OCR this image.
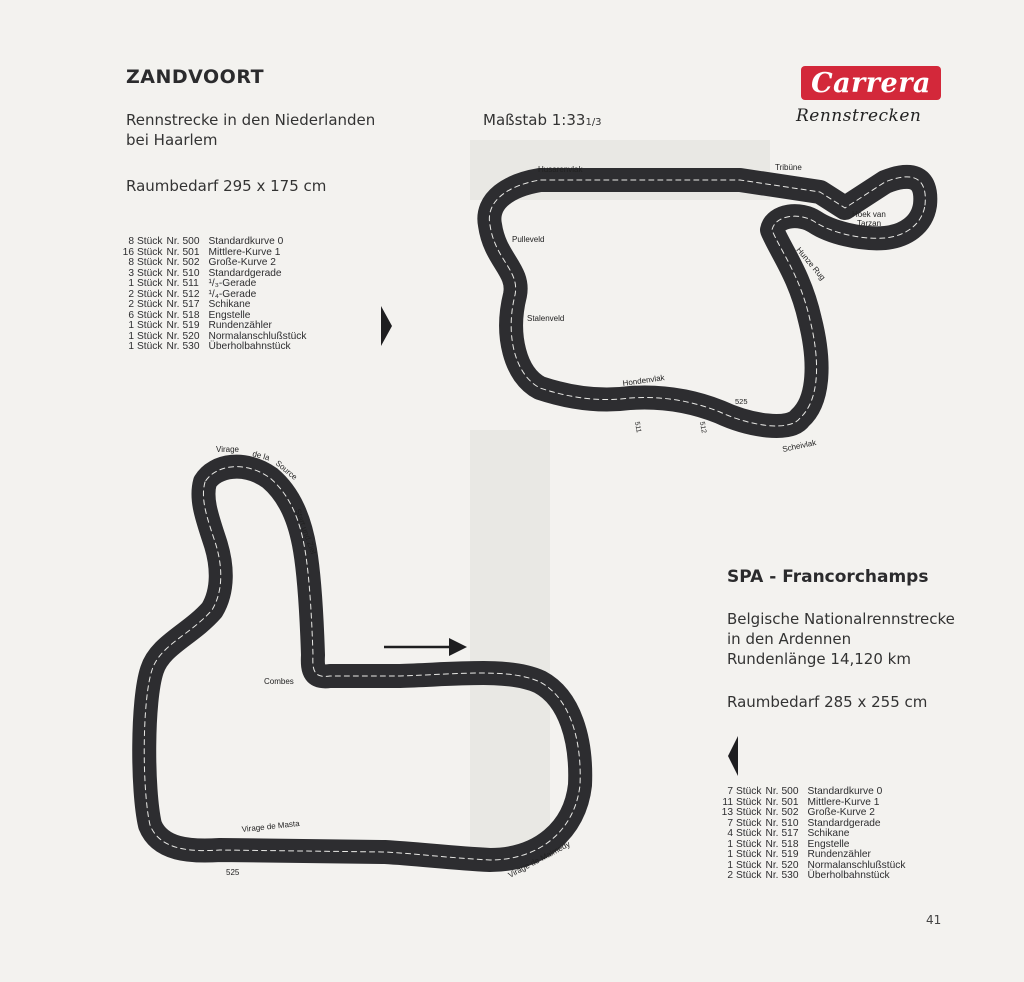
ZANDVOORT
Rennstrecke in den Niederlanden
bei Haarlem
Maßstab 1:331/3
Raumbedarf 295 x 175 cm
8 Stück Nr. 500 Standardkurve 0
16 Stück Nr. 501 Mittlere-Kurve 1
8 Stück Nr. 502 Große-Kurve 2
3 Stück Nr. 510 Standardgerade
1 Stück Nr. 511 ¹/₃-Gerade
2 Stück Nr. 512 ¹/₄-Gerade
2 Stück Nr. 517 Schikane
6 Stück Nr. 518 Engstelle
1 Stück Nr. 519 Rundenzähler
1 Stück Nr. 520 Normalanschlußstück
1 Stück Nr. 530 Überholbahnstück
Carrera
Rennstrecken
Husarenvlak	Tribüne
Hoek van
Tarzan
Hunze Rug
Pulleveld
Stalenveld
Hondenvlak
Scheivlak
525
511	512
Virage de la
Source
Start und Ziel
Combes
Virage de Masta
Virage de Malmedy
525
SPA - Francorchamps
Belgische Nationalrennstrecke
in den Ardennen
Rundenlänge 14,120 km
Raumbedarf 285 x 255 cm
7 Stück Nr. 500 Standardkurve 0
11 Stück Nr. 501 Mittlere-Kurve 1
13 Stück Nr. 502 Große-Kurve 2
7 Stück Nr. 510 Standardgerade
4 Stück Nr. 517 Schikane
1 Stück Nr. 518 Engstelle
1 Stück Nr. 519 Rundenzähler
1 Stück Nr. 520 Normalanschlußstück
2 Stück Nr. 530 Überholbahnstück
41
